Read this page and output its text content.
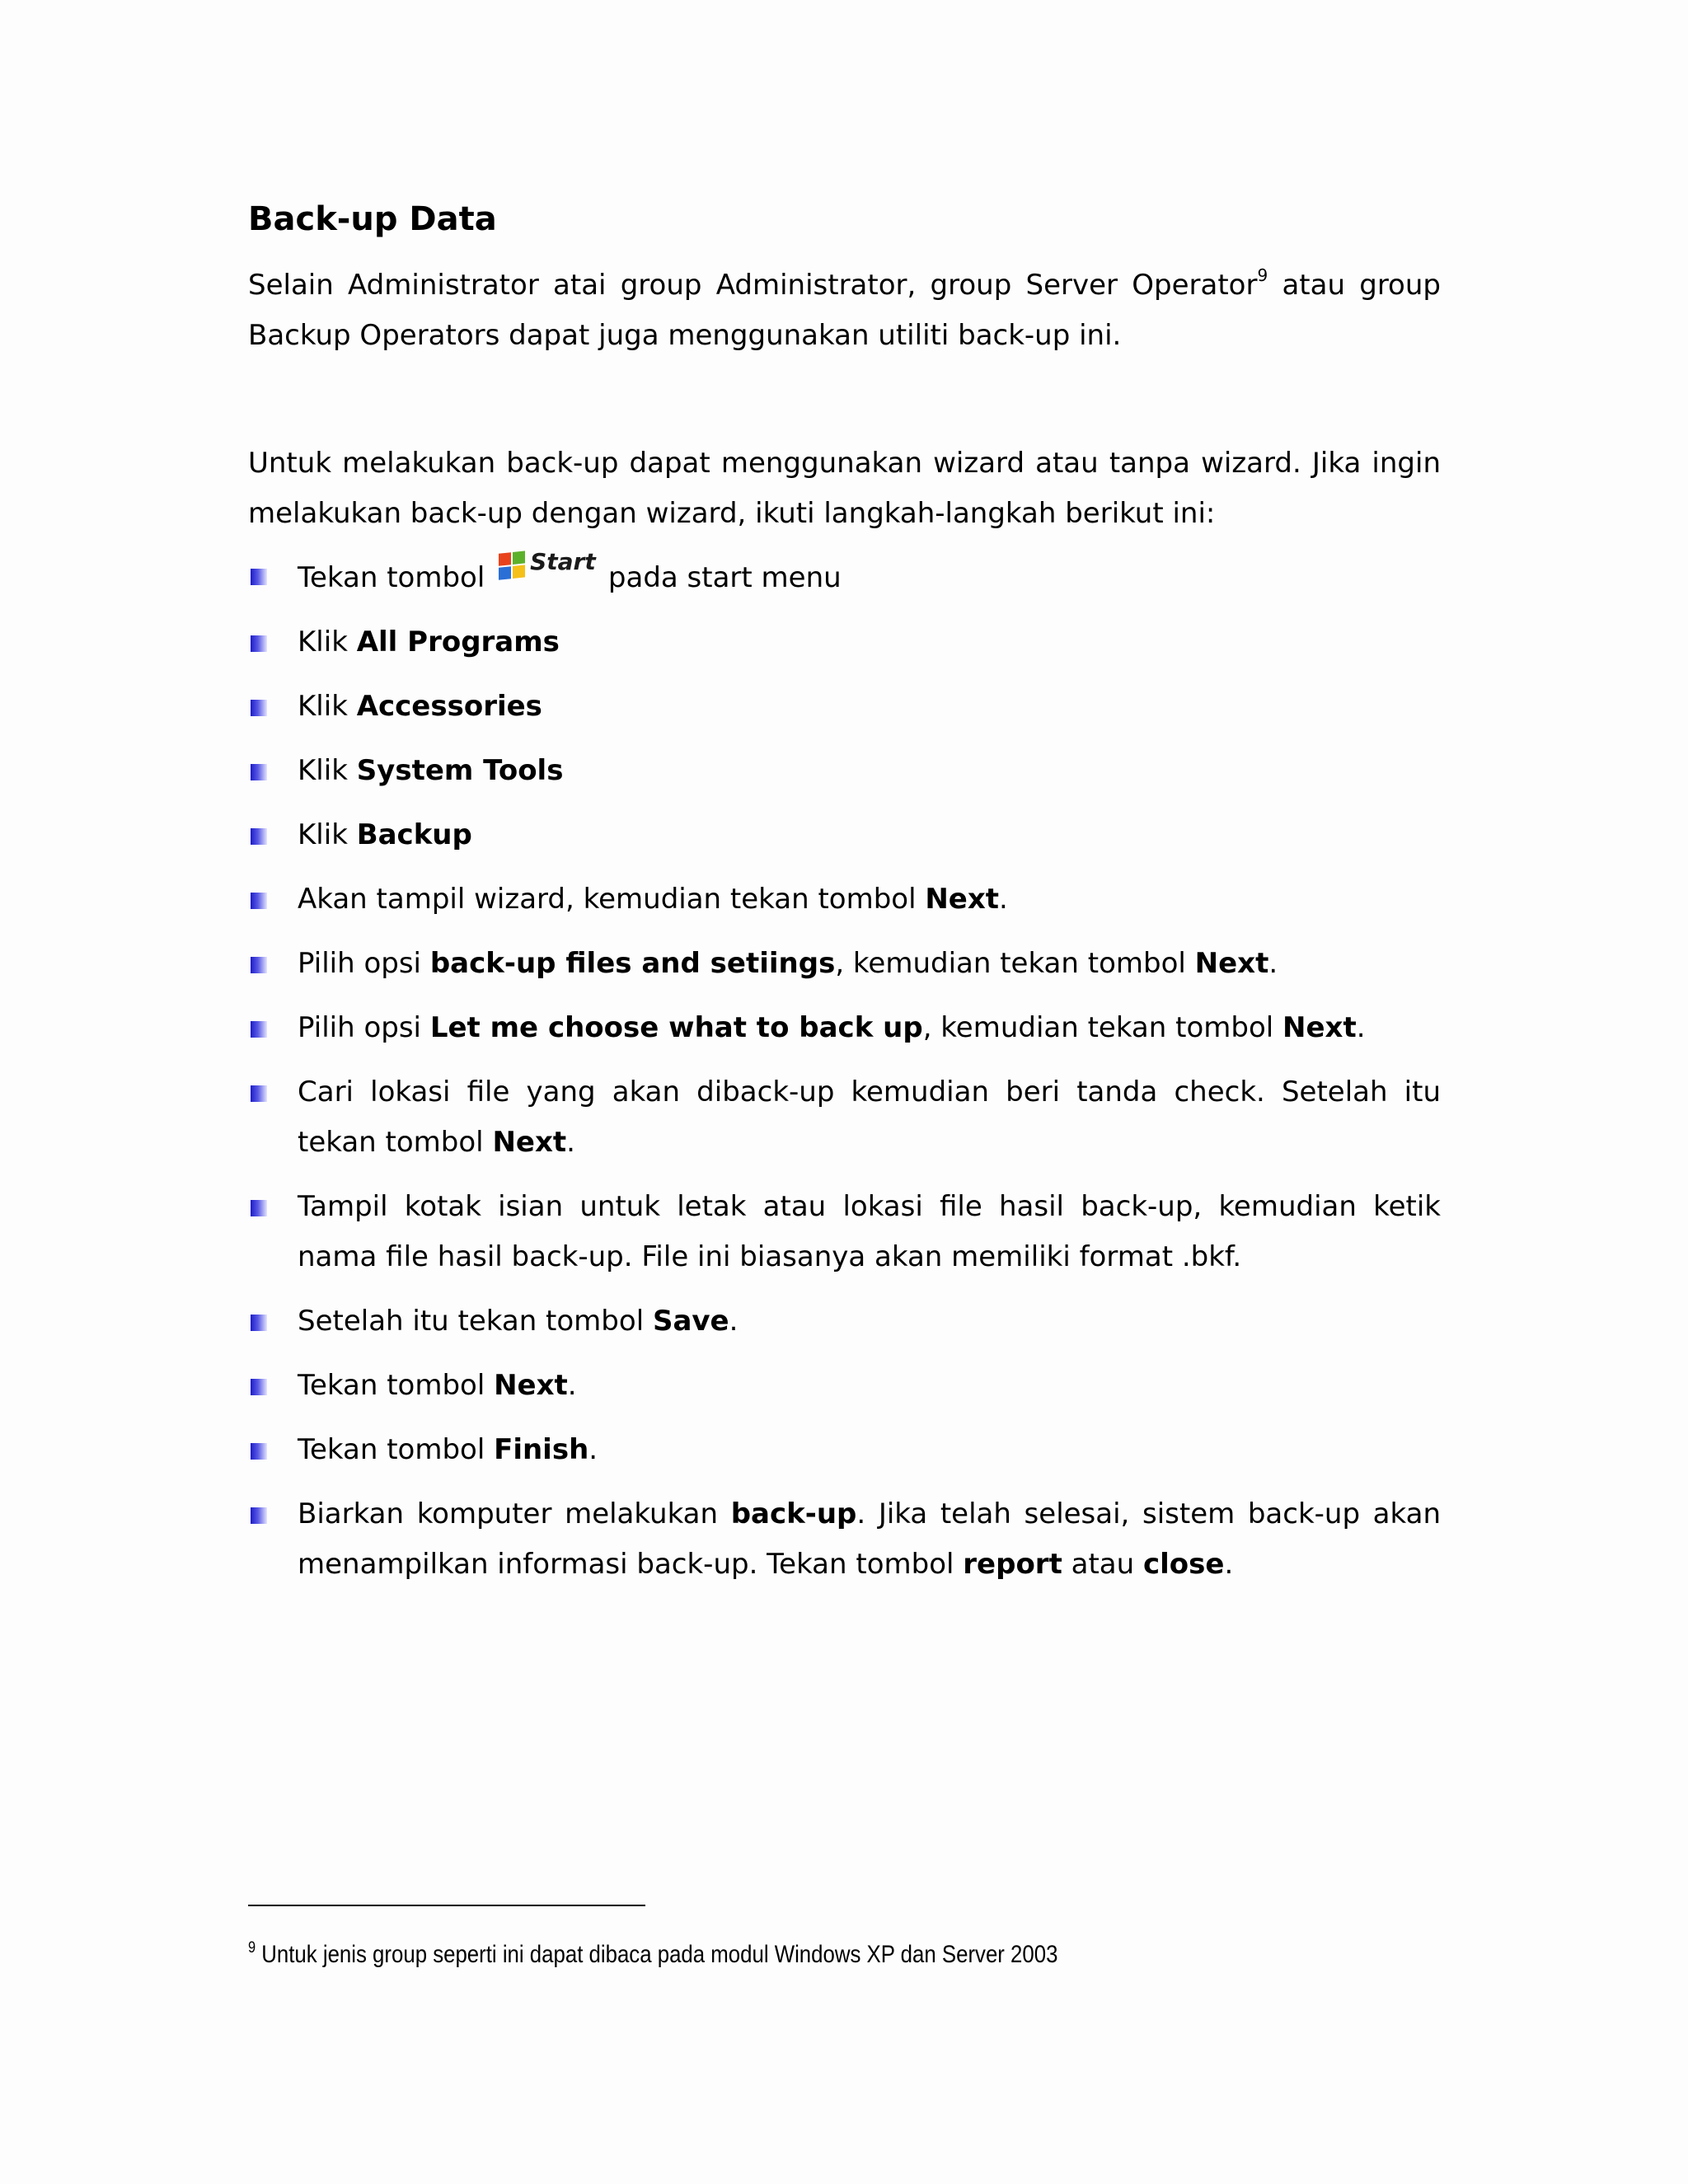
Back-up Data

Selain Administrator atai group Administrator, group Server Operator$^9$ atau group Backup Operators dapat juga menggunakan utiliti back-up ini.

Untuk melakukan back-up dapat menggunakan wizard atau tanpa wizard. Jika ingin melakukan back-up dengan wizard, ikuti langkah-langkah berikut ini:

Tekan tombol Start pada start menu
Klik All Programs
Klik Accessories
Klik System Tools
Klik Backup
Akan tampil wizard, kemudian tekan tombol Next.
Pilih opsi back-up files and setiings, kemudian tekan tombol Next.
Pilih opsi Let me choose what to back up, kemudian tekan tombol Next.
Cari lokasi file yang akan diback-up kemudian beri tanda check. Setelah itu tekan tombol Next.
Tampil kotak isian untuk letak atau lokasi file hasil back-up, kemudian ketik nama file hasil back-up. File ini biasanya akan memiliki format .bkf.
Setelah itu tekan tombol Save.
Tekan tombol Next.
Tekan tombol Finish.
Biarkan komputer melakukan back-up. Jika telah selesai, sistem back-up akan menampilkan informasi back-up. Tekan tombol report atau close.
$^9$ Untuk jenis group seperti ini dapat dibaca pada modul Windows XP dan Server 2003
